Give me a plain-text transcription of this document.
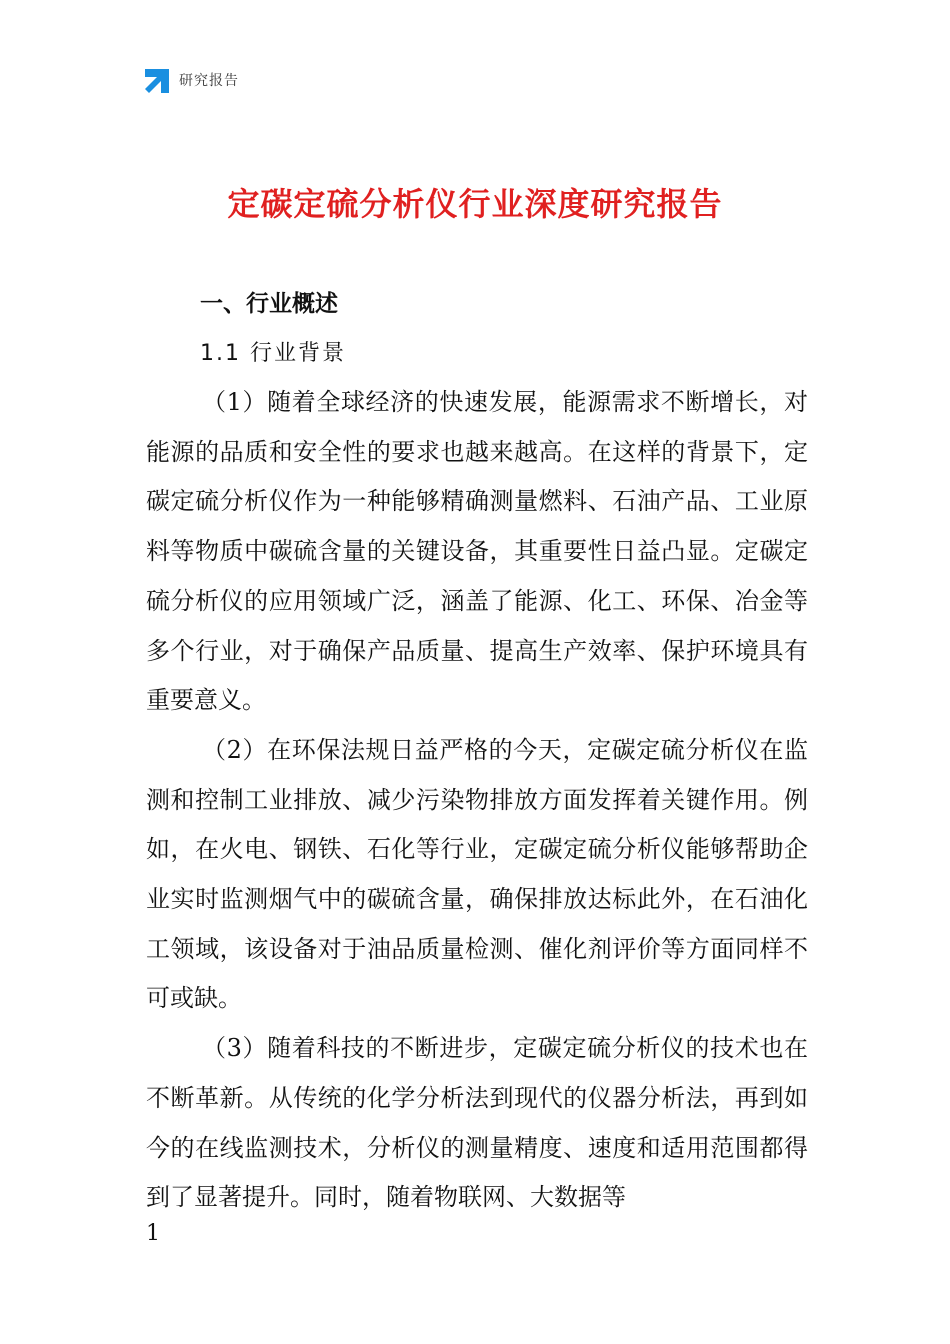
研究报告
定碳定硫分析仪行业深度研究报告
一、行业概述
1.1 行业背景

（1）随着全球经济的快速发展，能源需求不断增长，对能源的品质和安全性的要求也越来越高。在这样的背景下，定碳定硫分析仪作为一种能够精确测量燃料、石油产品、工业原料等物质中碳硫含量的关键设备，其重要性日益凸显。定碳定硫分析仪的应用领域广泛，涵盖了能源、化工、环保、冶金等多个行业，对于确保产品质量、提高生产效率、保护环境具有重要意义。

（2）在环保法规日益严格的今天，定碳定硫分析仪在监测和控制工业排放、减少污染物排放方面发挥着关键作用。例如，在火电、钢铁、石化等行业，定碳定硫分析仪能够帮助企业实时监测烟气中的碳硫含量，确保排放达标此外，在石油化工领域，该设备对于油品质量检测、催化剂评价等方面同样不可或缺。

（3）随着科技的不断进步，定碳定硫分析仪的技术也在不断革新。从传统的化学分析法到现代的仪器分析法，再到如今的在线监测技术，分析仪的测量精度、速度和适用范围都得到了显著提升。同时，随着物联网、大数据等

1
